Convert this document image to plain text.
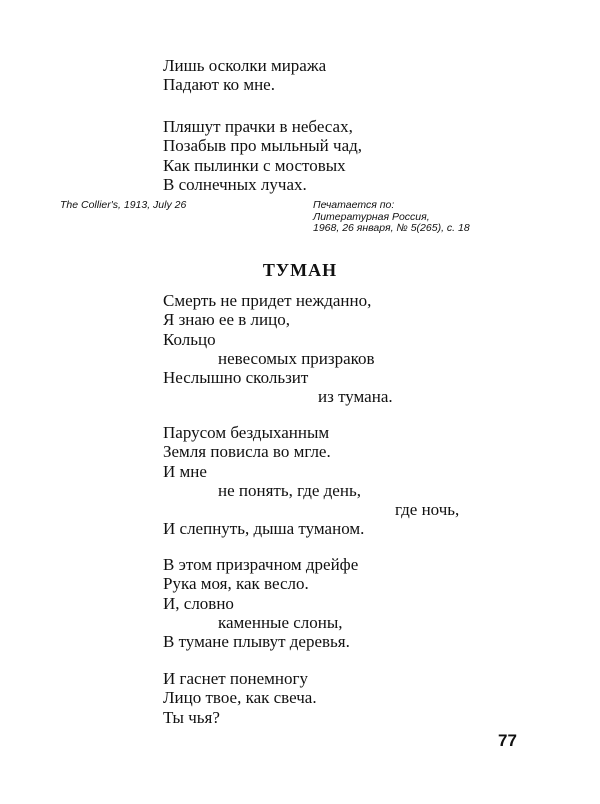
Лишь осколки миража
Падают ко мне.
Пляшут прачки в небесах,
Позабыв про мыльный чад,
Как пылинки с мостовых
В солнечных лучах.
The Collier's, 1913, July 26	Печатается по:
Литературная Россия,
1968, 26 января, № 5(265), с. 18
ТУМАН
Смерть не придет нежданно,
Я знаю ее в лицо,
Кольцо
невесомых призраков
Неслышно скользит
из тумана.
Парусом бездыханным
Земля повисла во мгле.
И мне
не понять, где день,
где ночь,
И слепнуть, дыша туманом.
В этом призрачном дрейфе
Рука моя, как весло.
И, словно
каменные слоны,
В тумане плывут деревья.
И гаснет понемногу
Лицо твое, как свеча.
Ты чья?
77
